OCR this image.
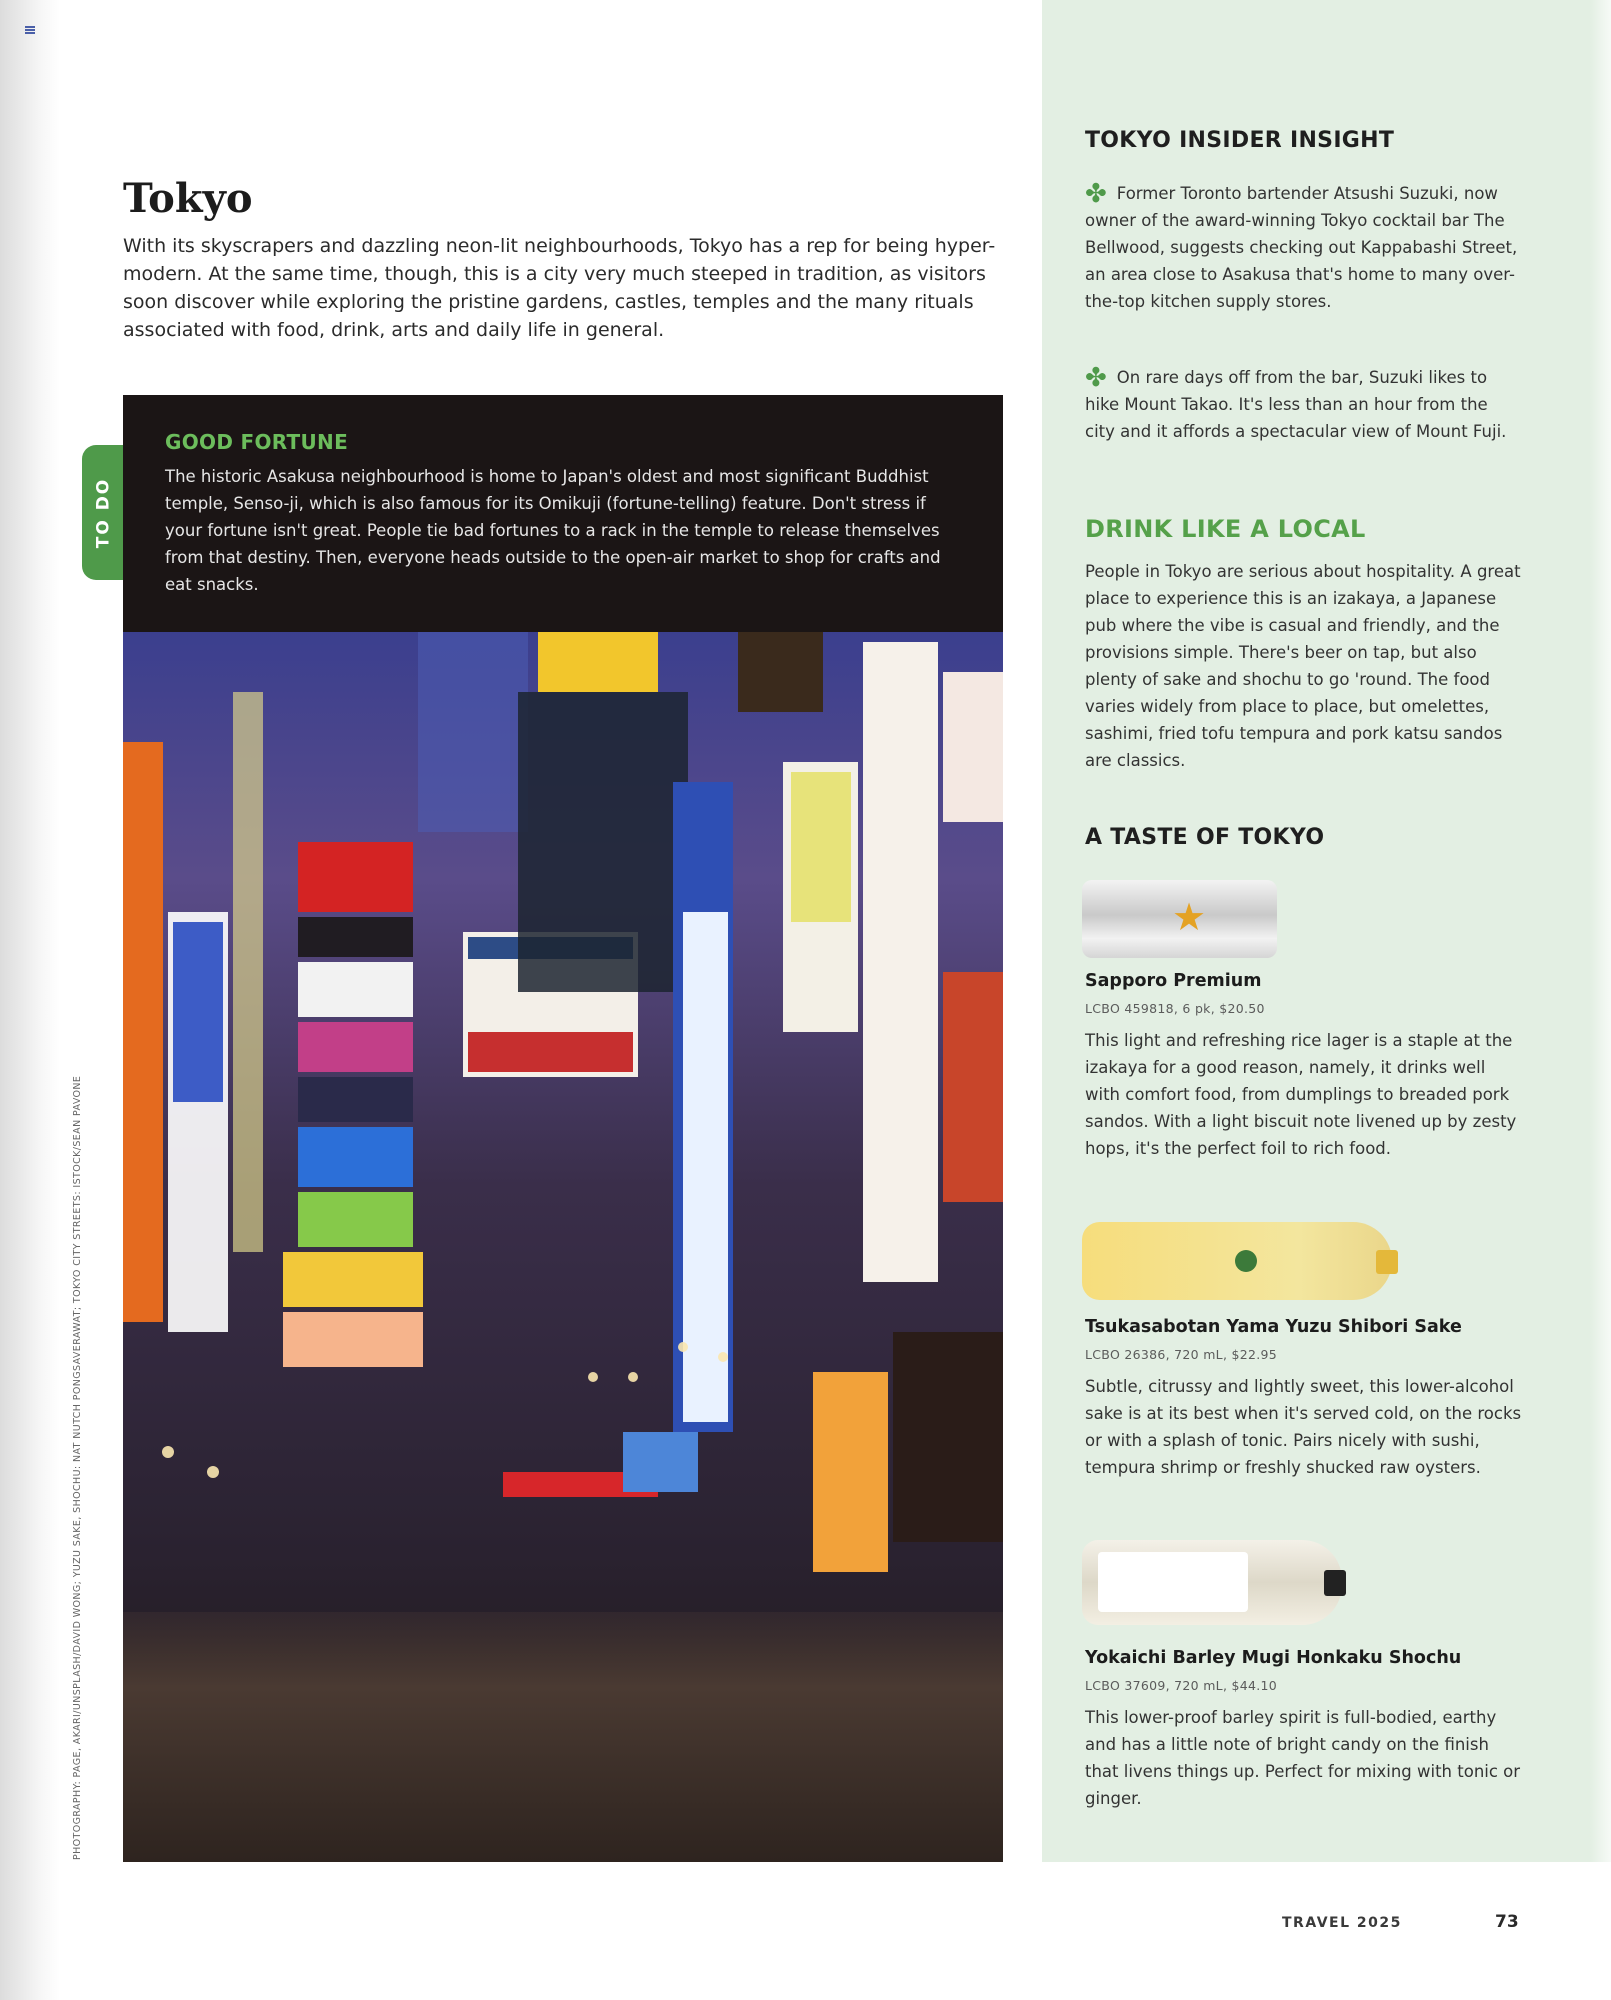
Tokyo

With its skyscrapers and dazzling neon-lit neighbourhoods, Tokyo has a rep for being hyper-modern. At the same time, though, this is a city very much steeped in tradition, as visitors soon discover while exploring the pristine gardens, castles, temples and the many rituals associated with food, drink, arts and daily life in general.

TO DO
GOOD FORTUNE

The historic Asakusa neighbourhood is home to Japan's oldest and most significant Buddhist temple, Senso-ji, which is also famous for its Omikuji (fortune-telling) feature. Don't stress if your fortune isn't great. People tie bad fortunes to a rack in the temple to release themselves from that destiny. Then, everyone heads outside to the open-air market to shop for crafts and eat snacks.

PHOTOGRAPHY: PAGE, AKARI/UNSPLASH/DAVID WONG; YUZU SAKE, SHOCHU: NAT NUTCH PONGSAVERAWAT; TOKYO CITY STREETS: ISTOCK/SEAN PAVONE
TOKYO INSIDER INSIGHT

✤ Former Toronto bartender Atsushi Suzuki, now owner of the award-winning Tokyo cocktail bar The Bellwood, suggests checking out Kappabashi Street, an area close to Asakusa that's home to many over-the-top kitchen supply stores.

✤ On rare days off from the bar, Suzuki likes to hike Mount Takao. It's less than an hour from the city and it affords a spectacular view of Mount Fuji.

DRINK LIKE A LOCAL

People in Tokyo are serious about hospitality. A great place to experience this is an izakaya, a Japanese pub where the vibe is casual and friendly, and the provisions simple. There's beer on tap, but also plenty of sake and shochu to go 'round. The food varies widely from place to place, but omelettes, sashimi, fried tofu tempura and pork katsu sandos are classics.

A TASTE OF TOKYO
★
Sapporo Premium
LCBO 459818, 6 pk, $20.50

This light and refreshing rice lager is a staple at the izakaya for a good reason, namely, it drinks well with comfort food, from dumplings to breaded pork sandos. With a light biscuit note livened up by zesty hops, it's the perfect foil to rich food.

Tsukasabotan Yama Yuzu Shibori Sake
LCBO 26386, 720 mL, $22.95

Subtle, citrussy and lightly sweet, this lower-alcohol sake is at its best when it's served cold, on the rocks or with a splash of tonic. Pairs nicely with sushi, tempura shrimp or freshly shucked raw oysters.

Yokaichi Barley Mugi Honkaku Shochu
LCBO 37609, 720 mL, $44.10

This lower-proof barley spirit is full-bodied, earthy and has a little note of bright candy on the finish that livens things up. Perfect for mixing with tonic or ginger.

TRAVEL 2025	73
